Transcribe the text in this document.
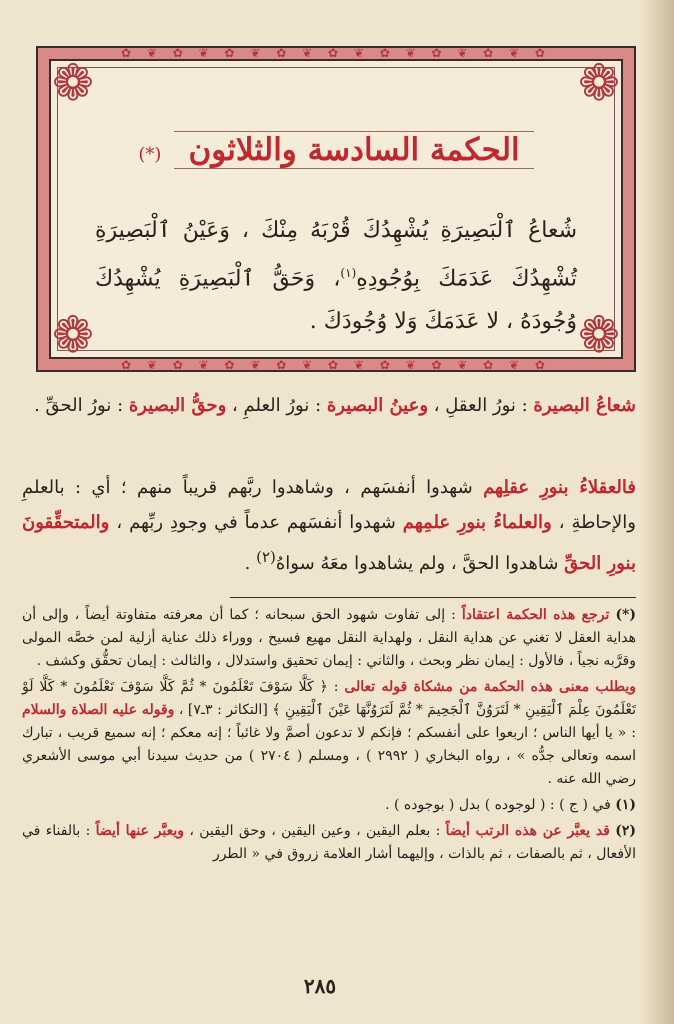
❁	❁
❁	❁
✿ ❦ ✿ ❦ ✿ ❦ ✿ ❦ ✿ ❦ ✿ ❦ ✿ ❦ ✿ ❦ ✿
✿ ❦ ✿ ❦ ✿ ❦ ✿ ❦ ✿ ❦ ✿ ❦ ✿ ❦ ✿ ❦ ✿
الحكمة السادسة والثلاثون (*)
شُعاعُ ٱلْبَصِيرَةِ يُشْهِدُكَ قُرْبَهُ مِنْكَ ، وَعَيْنُ ٱلْبَصِيرَةِ تُشْهِدُكَ عَدَمَكَ بِوُجُودِهِ$^{(١)}$، وَحَقُّ ٱلْبَصِيرَةِ يُشْهِدُكَ وُجُودَهُ ، لا عَدَمَكَ وَلا وُجُودَكَ .
شعاعُ البصيرة : نورُ العقلِ ، وعينُ البصيرة : نورُ العلمِ ، وحقُّ البصيرة : نورُ الحقِّ .
فالعقلاءُ بنورِ عقلِهم شهدوا أنفسَهم ، وشاهدوا ربَّهم قريباً منهم ؛ أي : بالعلمِ والإحاطةِ ، والعلماءُ بنورِ علمِهم شهدوا أنفسَهم عدماً في وجودِ ربِّهم ، والمتحقِّقونَ بنورِ الحقِّ شاهدوا الحقَّ ، ولم يشاهدوا معَهُ سواهُ$^{(٢)}$ .

(*) ترجع هذه الحكمة اعتقاداً : إلى تفاوت شهود الحق سبحانه ؛ كما أن معرفته متفاوتة أيضاً ، وإلى أن هداية العقل لا تغني عن هداية النقل ، ولهداية النقل مهيع فسيح ، ووراء ذلك عناية أزلية لمن خصَّه المولى وقرَّبه نجياً ، فالأول : إيمان نظر وبحث ، والثاني : إيمان تحقيق واستدلال ، والثالث : إيمان تحقُّق وكشف .

ويطلب معنى هذه الحكمة من مشكاة قوله تعالى : ﴿ كَلَّا سَوْفَ تَعْلَمُونَ * ثُمَّ كَلَّا سَوْفَ تَعْلَمُونَ * كَلَّا لَوْ تَعْلَمُونَ عِلْمَ ٱلْيَقِينِ * لَتَرَوُنَّ ٱلْجَحِيمَ * ثُمَّ لَتَرَوُنَّهَا عَيْنَ ٱلْيَقِينِ ﴾ [التكاثر : ٣ـ٧] ، وقوله عليه الصلاة والسلام : « يا أيها الناس ؛ اربعوا على أنفسكم ؛ فإنكم لا تدعون أصمَّ ولا غائباً ؛ إنه معكم ؛ إنه سميع قريب ، تبارك اسمه وتعالى جدُّه » ، رواه البخاري ( ٢٩٩٢ ) ، ومسلم ( ٢٧٠٤ ) من حديث سيدنا أبي موسى الأشعري رضي الله عنه .

(١) في ( ج ) : ( لوجوده ) بدل ( بوجوده ) .

(٢) قد يعبَّر عن هذه الرتب أيضاً : بعلم اليقين ، وعين اليقين ، وحق اليقين ، ويعبَّر عنها أيضاً : بالفناء في الأفعال ، ثم بالصفات ، ثم بالذات ، وإليهما أشار العلامة زروق في « الطرر

٢٨٥
